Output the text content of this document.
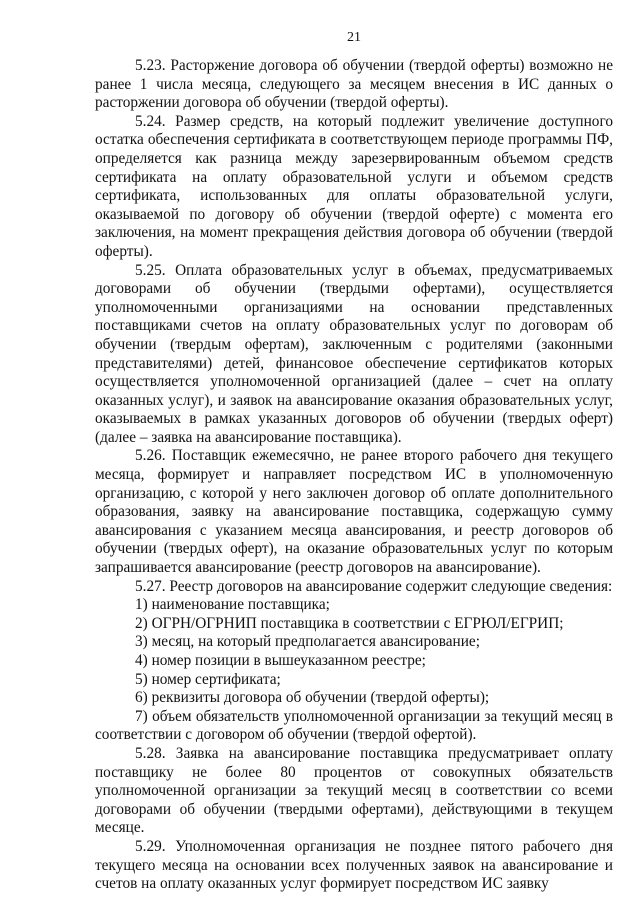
21

5.23. Расторжение договора об обучении (твердой оферты) возможно не ранее 1 числа месяца, следующего за месяцем внесения в ИС данных о расторжении договора об обучении (твердой оферты).

5.24. Размер средств, на который подлежит увеличение доступного остатка обеспечения сертификата в соответствующем периоде программы ПФ, определяется как разница между зарезервированным объемом средств сертификата на оплату образовательной услуги и объемом средств сертификата, использованных для оплаты образовательной услуги, оказываемой по договору об обучении (твердой оферте) с момента его заключения, на момент прекращения действия договора об обучении (твердой оферты).

5.25. Оплата образовательных услуг в объемах, предусматриваемых договорами об обучении (твердыми офертами), осуществляется уполномоченными организациями на основании представленных поставщиками счетов на оплату образовательных услуг по договорам об обучении (твердым офертам), заключенным с родителями (законными представителями) детей, финансовое обеспечение сертификатов которых осуществляется уполномоченной организацией (далее – счет на оплату оказанных услуг), и заявок на авансирование оказания образовательных услуг, оказываемых в рамках указанных договоров об обучении (твердых оферт) (далее – заявка на авансирование поставщика).

5.26. Поставщик ежемесячно, не ранее второго рабочего дня текущего месяца, формирует и направляет посредством ИС в уполномоченную организацию, с которой у него заключен договор об оплате дополнительного образования, заявку на авансирование поставщика, содержащую сумму авансирования с указанием месяца авансирования, и реестр договоров об обучении (твердых оферт), на оказание образовательных услуг по которым запрашивается авансирование (реестр договоров на авансирование).

5.27. Реестр договоров на авансирование содержит следующие сведения:

1) наименование поставщика;

2) ОГРН/ОГРНИП поставщика в соответствии с ЕГРЮЛ/ЕГРИП;

3) месяц, на который предполагается авансирование;

4) номер позиции в вышеуказанном реестре;

5) номер сертификата;

6) реквизиты договора об обучении (твердой оферты);

7) объем обязательств уполномоченной организации за текущий месяц в соответствии с договором об обучении (твердой офертой).

5.28. Заявка на авансирование поставщика предусматривает оплату поставщику не более 80 процентов от совокупных обязательств уполномоченной организации за текущий месяц в соответствии со всеми договорами об обучении (твердыми офертами), действующими в текущем месяце.

5.29. Уполномоченная организация не позднее пятого рабочего дня текущего месяца на основании всех полученных заявок на авансирование и счетов на оплату оказанных услуг формирует посредством ИС заявку
